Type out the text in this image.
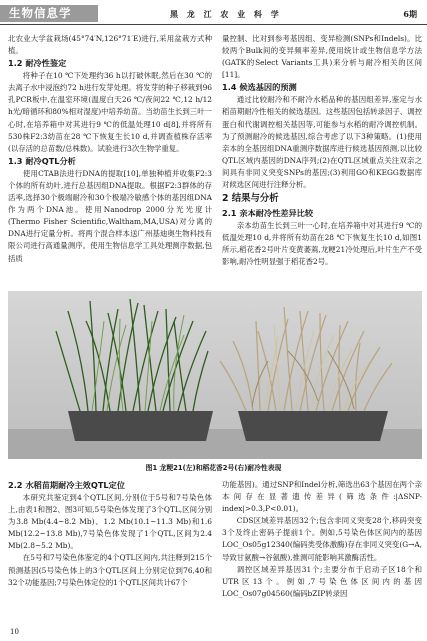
生物信息学	黑 龙 江 农 业 科 学	6期

北农业大学盆栽场(45°74′N,126°71′E)进行,采用盆栽方式种植。

1.2 耐冷性鉴定

将种子在10 ℃下处理约36 h以打破休眠,然后在30 ℃的去离子水中浸泡约72 h进行发芽处理。将发芽的种子移栽到96孔PCR板中,在温室环境(温度白天26 ℃/夜间22 ℃,12 h/12 h光/暗循环和80%相对湿度)中培养幼苗。当幼苗生长到三叶一心时,在培养箱中对其进行9 ℃的低温处理10 d[8],并将所有530株F2:3幼苗在28 ℃下恢复生长10 d,并调查植株存活率(以存活的总苗数/总株数)。试验进行3次生物学重复。

1.3 耐冷QTL分析

使用CTAB法进行DNA的提取[10],单独种植并收集F2:3个体的所有幼叶,进行总基因组DNA提取。根据F2:3群体的存活率,选择30个极端耐冷和30个极端冷敏感个体的基因组DNA作为两个DNA池。使用Nanodrop 2000分光光度计(Thermo Fisher Scientific,Waltham,MA,USA)对分离的DNA进行定量分析。将两个混合样本送广州基迪奥生物科技有限公司进行高通量测序。使用生物信息学工具处理测序数据,包括质

量控制、比对到参考基因组、变异检测(SNPs和Indels)。比较两个Bulk间的变异频率差异,使用统计或生物信息学方法(GATK的Select Variants工具)来分析与耐冷相关的区间[11]。

1.4 候选基因的预测

通过比较耐冷和不耐冷水稻品种的基因组差异,鉴定与水稻苗期耐冷性相关的候选基因。这些基因包括转录因子、调控蛋白和代谢调控相关基因等,可能参与水稻的耐冷调控机制。为了预测耐冷的候选基因,综合考虑了以下3种策略。(1)使用亲本的全基因组DNA重测序数据库进行候选基因预测,以比较QTL区域内基因的DNA序列;(2)在QTL区域重点关注双亲之间具有非同义突变SNPs的基因;(3)利用GO和KEGG数据库对候选区间进行注释分析。

2 结果与分析
2.1 亲本耐冷性差异比较

亲本幼苗生长到三叶一心时,在培养箱中对其进行9 ℃的低温处理10 d,并将所有幼苗在28 ℃下恢复生长10 d,如图1所示,稻花香2号叶片变黄萎蔫,龙粳21冷处理后,叶片生产不受影响,耐冷性明显强于稻花香2号。

图1 龙粳21(左)和稻花香2号(右)耐冷性表现
2.2 水稻苗期耐冷主效QTL定位

本研究共鉴定到4个QTL区间,分别位于5号和7号染色体上,由表1和图2、图3可知,5号染色体发现了3个QTL,区间分别为3.8 Mb(4.4~8.2 Mb)、1.2 Mb(10.1~11.3 Mb)和1.6 Mb(12.2~13.8 Mb),7号染色体发现了1个QTL,区间为2.4 Mb(2.8~5.2 Mb)。

在5号和7号染色体鉴定的4个QTL区间内,共注释到215个预测基因(5号染色体上的3个QTL区间上分别定位到76,40和32个功能基因;7号染色体定位的1个QTL区间共计67个

功能基因)。通过SNP和Indel分析,筛选出63个基因在两个亲本间存在显著遗传差异(筛选条件:|ΔSNP-index|>0.3,P<0.01)。

CDS区域差异基因32个;包含非同义突变28个,移码突变3个及终止密码子提前1个。例如,5号染色体区间内的基因LOC_Os05g12340(编码类受体激酶)存在非同义突变(G→A,导致甘氨酸→谷氨酸),推测可能影响其激酶活性。

调控区域差异基因31个;主要分布于启动子区18个和UTR区13个。例如,7号染色体区间内的基因LOC_Os07g04560(编码bZIP转录因

10
